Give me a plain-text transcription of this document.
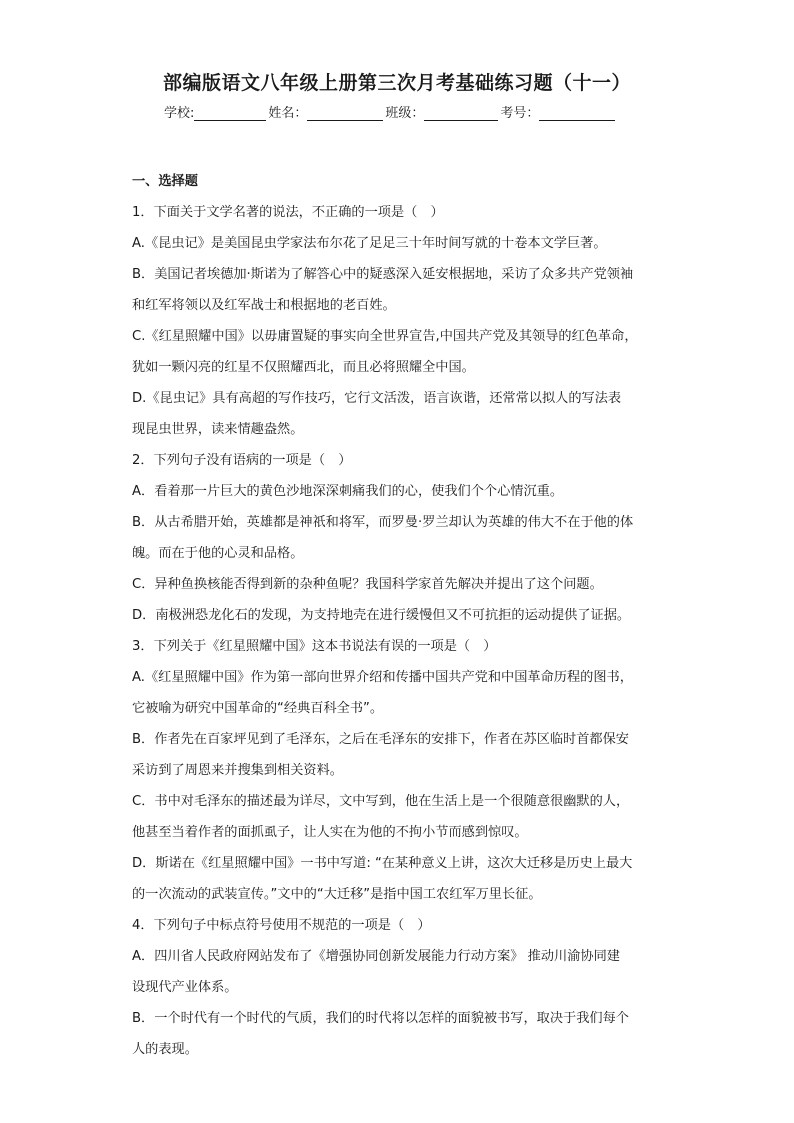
部编版语文八年级上册第三次月考基础练习题（十一）
学校:	姓名：	班级：	考号：
一、选择题
1．下面关于文学名著的说法，不正确的一项是（　）
A.《昆虫记》是美国昆虫学家法布尔花了足足三十年时间写就的十卷本文学巨著。
B．美国记者埃德加·斯诺为了解答心中的疑惑深入延安根据地，采访了众多共产党领袖
和红军将领以及红军战士和根据地的老百姓。
C.《红星照耀中国》以毋庸置疑的事实向全世界宣告,中国共产党及其领导的红色革命，
犹如一颗闪亮的红星不仅照耀西北，而且必将照耀全中国。
D.《昆虫记》具有高超的写作技巧，它行文活泼，语言诙谐，还常常以拟人的写法表
现昆虫世界，读来情趣盎然。
2．下列句子没有语病的一项是（　）
A．看着那一片巨大的黄色沙地深深刺痛我们的心，使我们个个心情沉重。
B．从古希腊开始，英雄都是神祇和将军，而罗曼·罗兰却认为英雄的伟大不在于他的体
魄。而在于他的心灵和品格。
C．异种鱼换核能否得到新的杂种鱼呢？我国科学家首先解决并提出了这个问题。
D．南极洲恐龙化石的发现，为支持地壳在进行缓慢但又不可抗拒的运动提供了证据。
3．下列关于《红星照耀中国》这本书说法有误的一项是（　）
A.《红星照耀中国》作为第一部向世界介绍和传播中国共产党和中国革命历程的图书，
它被喻为研究中国革命的“经典百科全书”。
B．作者先在百家坪见到了毛泽东，之后在毛泽东的安排下，作者在苏区临时首都保安
采访到了周恩来并搜集到相关资料。
C．书中对毛泽东的描述最为详尽，文中写到，他在生活上是一个很随意很幽默的人，
他甚至当着作者的面抓虱子，让人实在为他的不拘小节而感到惊叹。
D．斯诺在《红星照耀中国》一书中写道: “在某种意义上讲，这次大迁移是历史上最大
的一次流动的武装宣传。”文中的“大迁移”是指中国工农红军万里长征。
4．下列句子中标点符号使用不规范的一项是（　）
A．四川省人民政府网站发布了《增强协同创新发展能力行动方案》 推动川渝协同建
设现代产业体系。
B．一个时代有一个时代的气质，我们的时代将以怎样的面貌被书写，取决于我们每个
人的表现。
